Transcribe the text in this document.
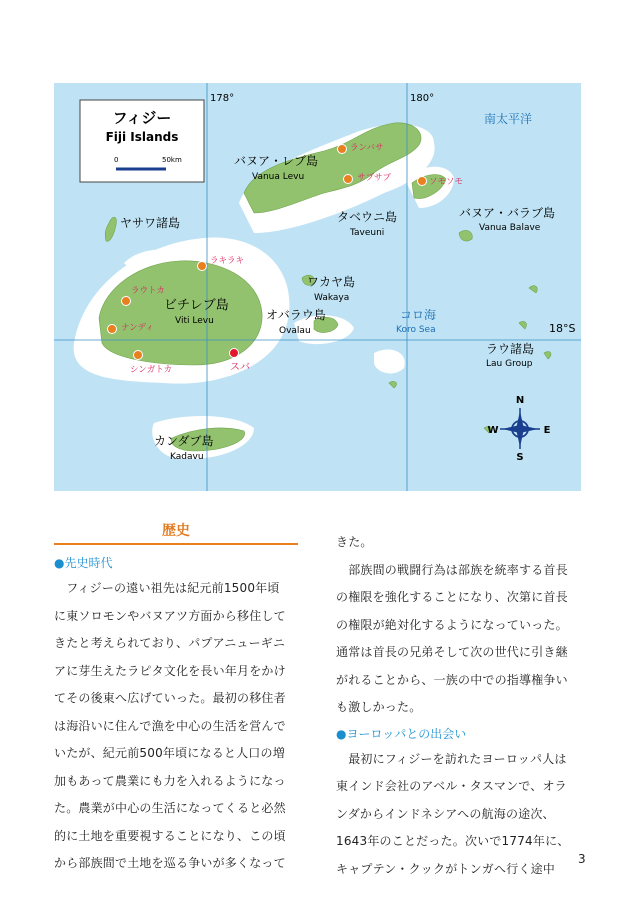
フィジー
Fiji Islands
0	50km
178°	180°
18°S
南太平洋
バヌア・レブ島
Vanua Levu
ヤサワ諸島	タベウニ島
Taveuni
バヌア・バラブ島
Vanua Balave
ビチレブ島
Viti Levu
ワカヤ島
Wakaya
オバラウ島
Ovalau
コロ海
Koro Sea
ラウ諸島
Lau Group
カンダブ島
Kadavu
ランバサ
サブサブ	ソモソモ
ラキラキ
ラウトカ
ナンディ
シンガトカ	スバ
N
S
W	E
歴史
●先史時代
　フィジーの遠い祖先は紀元前1500年頃
に東ソロモンやバヌアツ方面から移住して
きたと考えられており、パプアニューギニ
アに芽生えたラピタ文化を長い年月をかけ
てその後東へ広げていった。最初の移住者
は海沿いに住んで漁を中心の生活を営んで
いたが、紀元前500年頃になると人口の増
加もあって農業にも力を入れるようになっ
た。農業が中心の生活になってくると必然
的に土地を重要視することになり、この頃
から部族間で土地を巡る争いが多くなって
きた。
　部族間の戦闘行為は部族を統率する首長
の権限を強化することになり、次第に首長
の権限が絶対化するようになっていった。
通常は首長の兄弟そして次の世代に引き継
がれることから、一族の中での指導権争い
も激しかった。
●ヨーロッパとの出会い
　最初にフィジーを訪れたヨーロッパ人は
東インド会社のアベル・タスマンで、オラ
ンダからインドネシアへの航海の途次、
1643年のことだった。次いで1774年に、
キャプテン・クックがトンガへ行く途中
3
